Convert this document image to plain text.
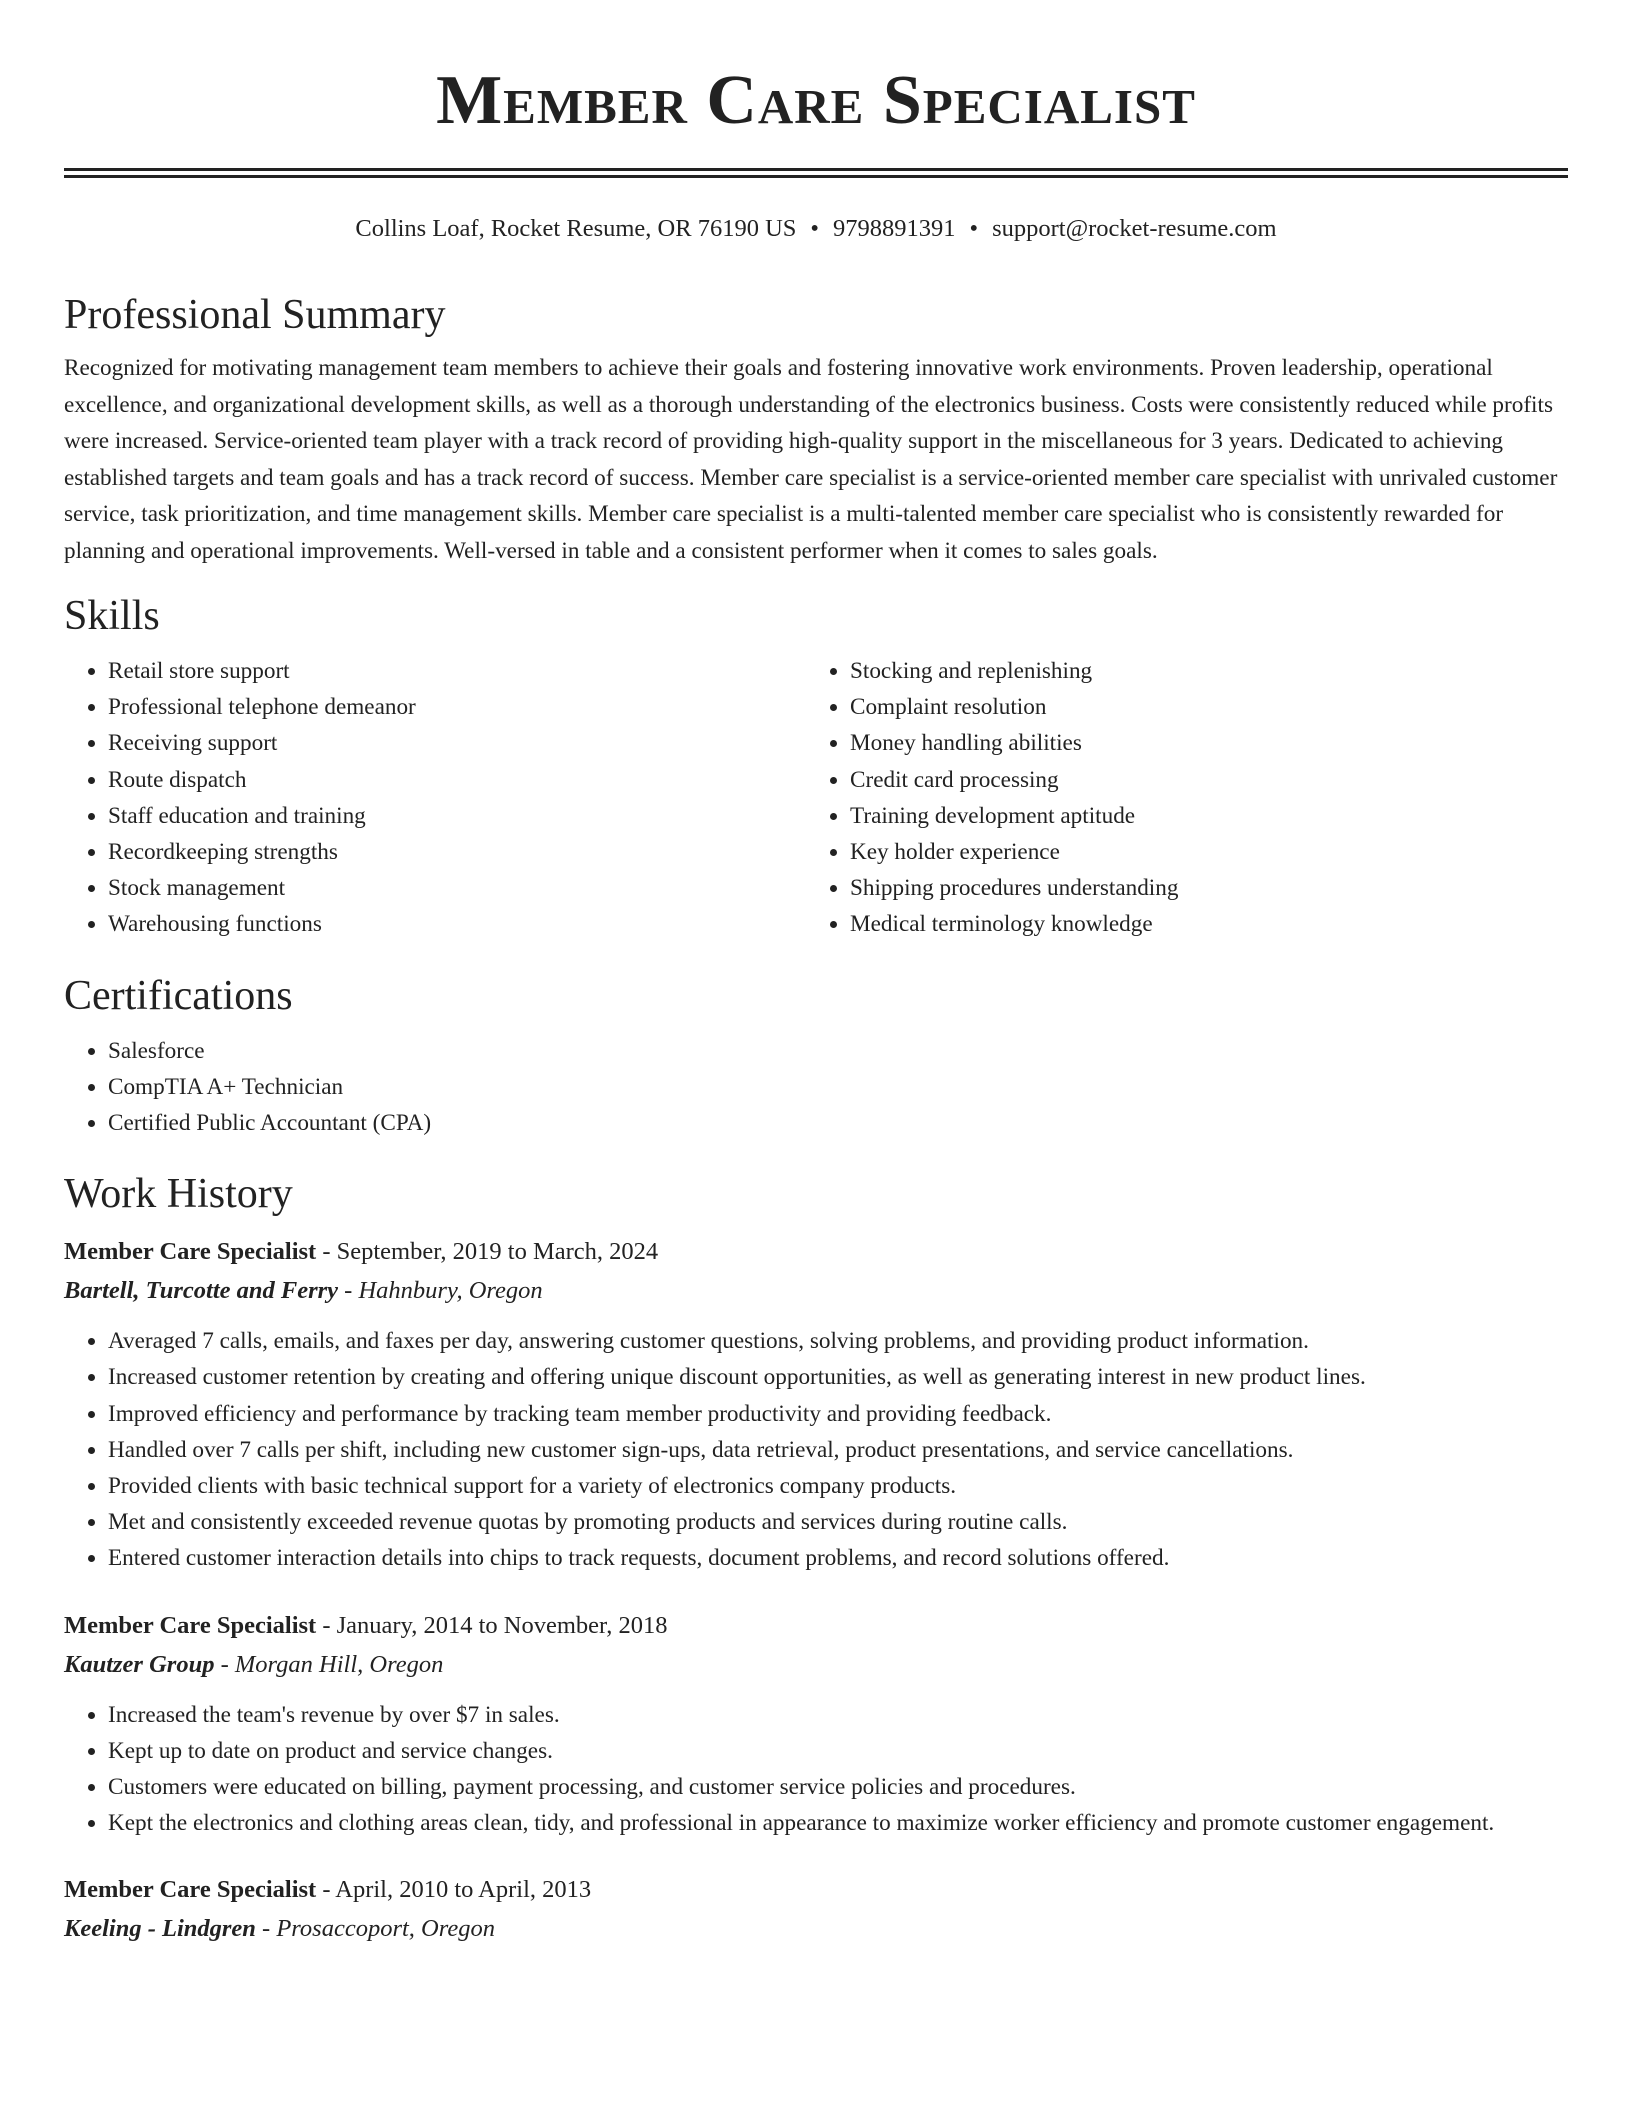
Member Care Specialist
Collins Loaf, Rocket Resume, OR 76190 US • 9798891391 • support@rocket-resume.com
Professional Summary

Recognized for motivating management team members to achieve their goals and fostering innovative work environments. Proven leadership, operational excellence, and organizational development skills, as well as a thorough understanding of the electronics business. Costs were consistently reduced while profits were increased. Service-oriented team player with a track record of providing high-quality support in the miscellaneous for 3 years. Dedicated to achieving established targets and team goals and has a track record of success. Member care specialist is a service-oriented member care specialist with unrivaled customer service, task prioritization, and time management skills. Member care specialist is a multi-talented member care specialist who is consistently rewarded for planning and operational improvements. Well-versed in table and a consistent performer when it comes to sales goals.

Skills
• Retail store support
• Professional telephone demeanor
• Receiving support
• Route dispatch
• Staff education and training
• Recordkeeping strengths
• Stock management
• Warehousing functions
• Stocking and replenishing
• Complaint resolution
• Money handling abilities
• Credit card processing
• Training development aptitude
• Key holder experience
• Shipping procedures understanding
• Medical terminology knowledge
Certifications
• Salesforce
• CompTIA A+ Technician
• Certified Public Accountant (CPA)
Work History
Member Care Specialist - September, 2019 to March, 2024
Bartell, Turcotte and Ferry - Hahnbury, Oregon
• Averaged 7 calls, emails, and faxes per day, answering customer questions, solving problems, and providing product information.
• Increased customer retention by creating and offering unique discount opportunities, as well as generating interest in new product lines.
• Improved efficiency and performance by tracking team member productivity and providing feedback.
• Handled over 7 calls per shift, including new customer sign-ups, data retrieval, product presentations, and service cancellations.
• Provided clients with basic technical support for a variety of electronics company products.
• Met and consistently exceeded revenue quotas by promoting products and services during routine calls.
• Entered customer interaction details into chips to track requests, document problems, and record solutions offered.
Member Care Specialist - January, 2014 to November, 2018
Kautzer Group - Morgan Hill, Oregon
• Increased the team's revenue by over $7 in sales.
• Kept up to date on product and service changes.
• Customers were educated on billing, payment processing, and customer service policies and procedures.
• Kept the electronics and clothing areas clean, tidy, and professional in appearance to maximize worker efficiency and promote customer engagement.
Member Care Specialist - April, 2010 to April, 2013
Keeling - Lindgren - Prosaccoport, Oregon
